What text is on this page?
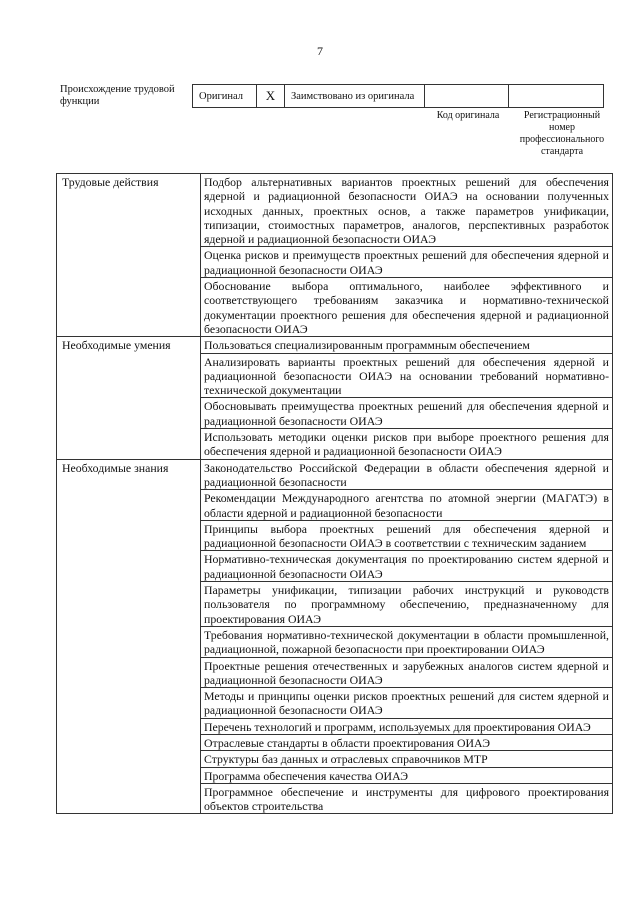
7
Происхождение трудовой функции	Оригинал	X	Заимствовано из оригинала
Код оригинала	Регистрационный номер профессионального стандарта
Трудовые действия	Подбор альтернативных вариантов проектных решений для обеспечения ядерной и радиационной безопасности ОИАЭ на основании полученных исходных данных, проектных основ, а также параметров унификации, типизации, стоимостных параметров, аналогов, перспективных разработок ядерной и радиационной безопасности ОИАЭ
	Оценка рисков и преимуществ проектных решений для обеспечения ядерной и радиационной безопасности ОИАЭ
	Обоснование выбора оптимального, наиболее эффективного и соответствующего требованиям заказчика и нормативно-технической документации проектного решения для обеспечения ядерной и радиационной безопасности ОИАЭ
Необходимые умения	Пользоваться специализированным программным обеспечением
	Анализировать варианты проектных решений для обеспечения ядерной и радиационной безопасности ОИАЭ на основании требований нормативно-технической документации
	Обосновывать преимущества проектных решений для обеспечения ядерной и радиационной безопасности ОИАЭ
	Использовать методики оценки рисков при выборе проектного решения для обеспечения ядерной и радиационной безопасности ОИАЭ
Необходимые знания	Законодательство Российской Федерации в области обеспечения ядерной и радиационной безопасности
	Рекомендации Международного агентства по атомной энергии (МАГАТЭ) в области ядерной и радиационной безопасности
	Принципы выбора проектных решений для обеспечения ядерной и радиационной безопасности ОИАЭ в соответствии с техническим заданием
	Нормативно-техническая документация по проектированию систем ядерной и радиационной безопасности ОИАЭ
	Параметры унификации, типизации рабочих инструкций и руководств пользователя по программному обеспечению, предназначенному для проектирования ОИАЭ
	Требования нормативно-технической документации в области промышленной, радиационной, пожарной безопасности при проектировании ОИАЭ
	Проектные решения отечественных и зарубежных аналогов систем ядерной и радиационной безопасности ОИАЭ
	Методы и принципы оценки рисков проектных решений для систем ядерной и радиационной безопасности ОИАЭ
	Перечень технологий и программ, используемых для проектирования ОИАЭ
	Отраслевые стандарты в области проектирования ОИАЭ
	Структуры баз данных и отраслевых справочников МТР
	Программа обеспечения качества ОИАЭ
	Программное обеспечение и инструменты для цифрового проектирования объектов строительства
